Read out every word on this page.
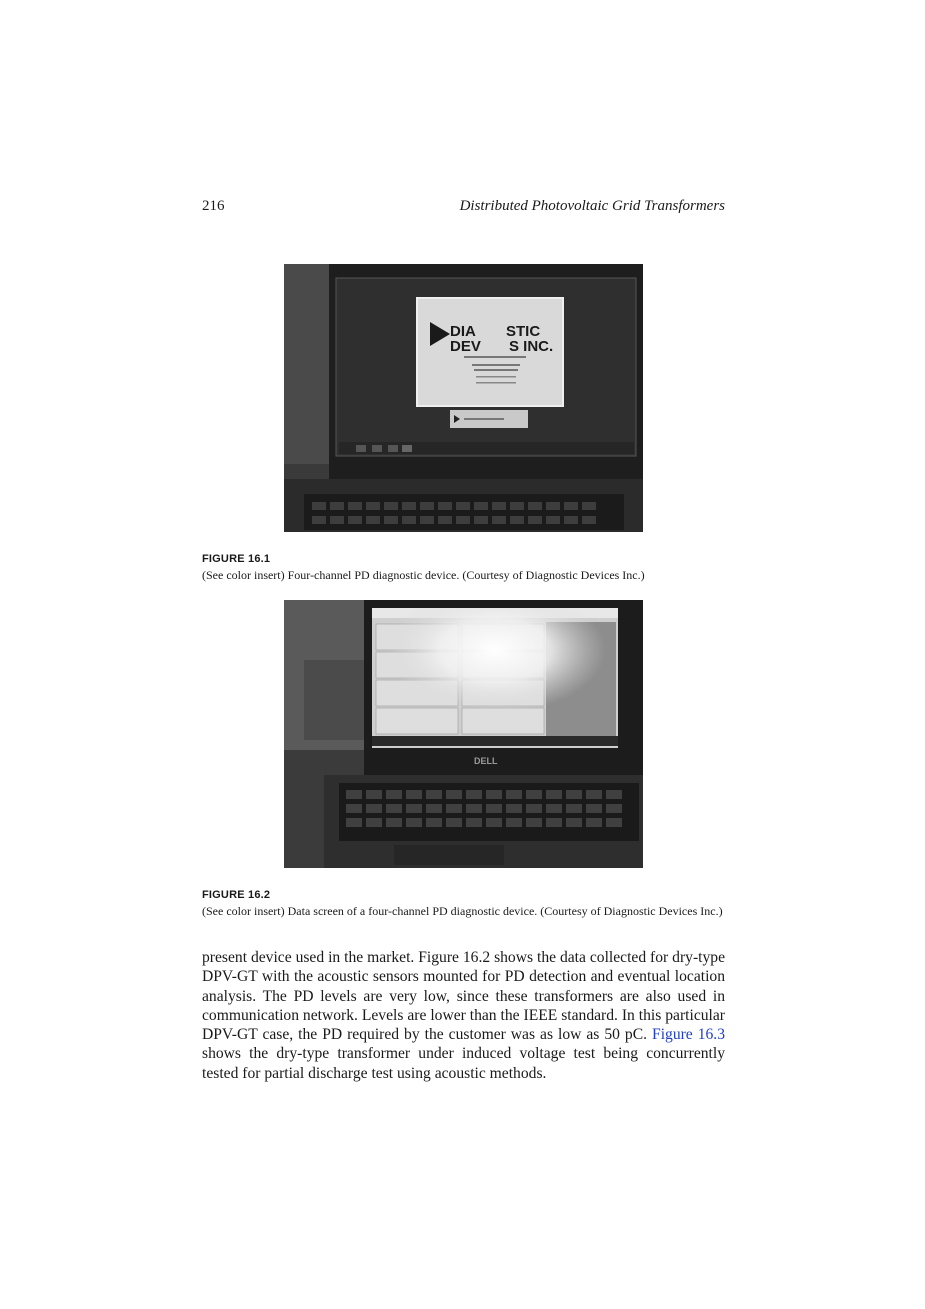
216	Distributed Photovoltaic Grid Transformers
DIA STIC
DEV S INC.
FIGURE 16.1
(See color insert) Four-channel PD diagnostic device. (Courtesy of Diagnostic Devices Inc.)
DELL
FIGURE 16.2
(See color insert) Data screen of a four-channel PD diagnostic device. (Courtesy of Diagnostic Devices Inc.)
present device used in the market. Figure 16.2 shows the data collected for dry-type DPV-GT with the acoustic sensors mounted for PD detection and eventual location analysis. The PD levels are very low, since these transformers are also used in communication network. Levels are lower than the IEEE standard. In this particular DPV-GT case, the PD required by the customer was as low as 50 pC. Figure 16.3 shows the dry-type transformer under induced voltage test being concurrently tested for partial discharge test using acoustic methods.
